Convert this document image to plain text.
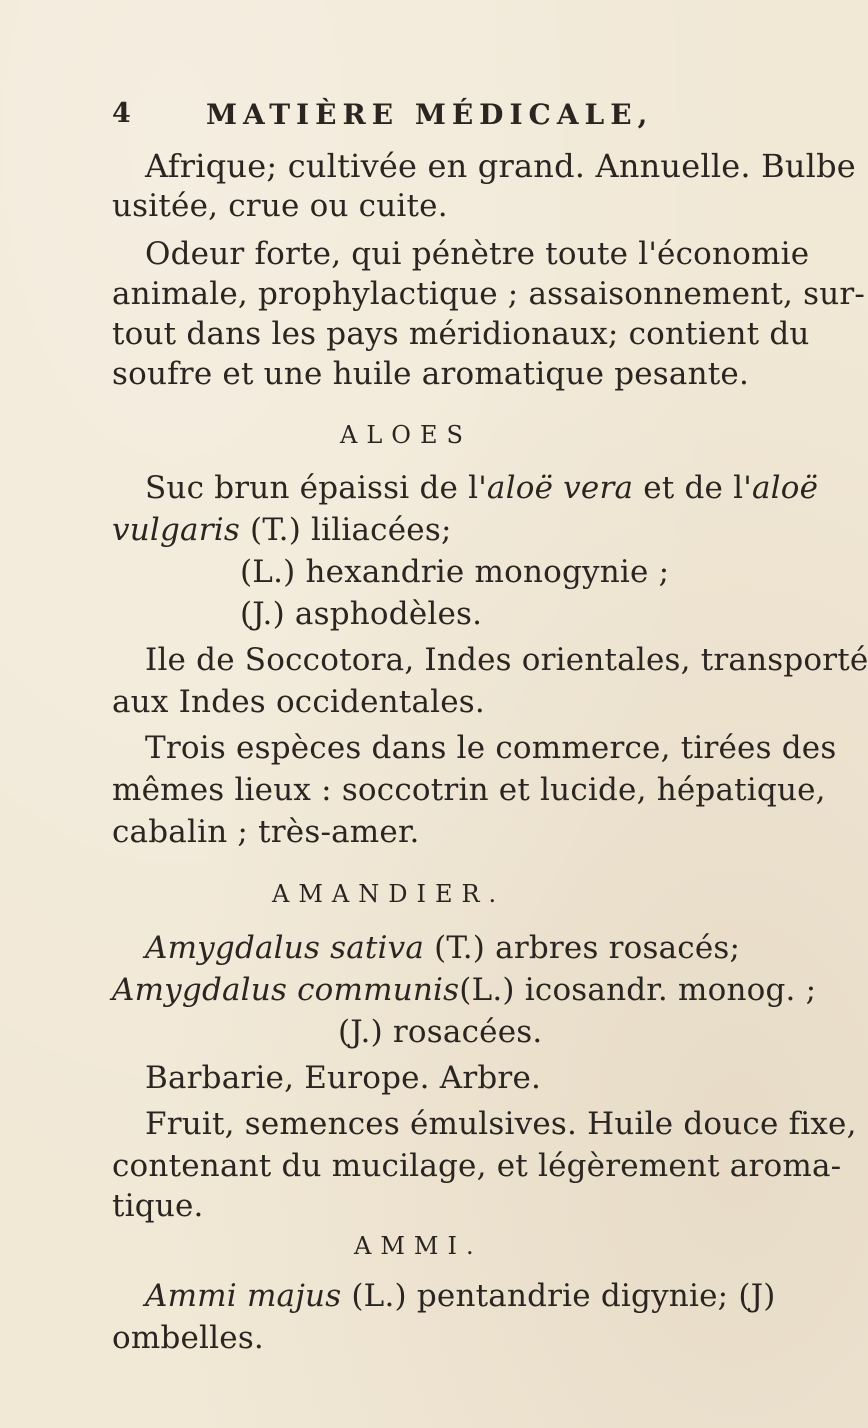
4	MATIÈRE MÉDICALE,
Afrique; cultivée en grand. Annuelle. Bulbe
usitée, crue ou cuite.
Odeur forte, qui pénètre toute l'économie
animale, prophylactique ; assaisonnement, sur-
tout dans les pays méridionaux; contient du
soufre et une huile aromatique pesante.
ALOES
Suc brun épaissi de l'aloë vera et de l'aloë
vulgaris (T.) liliacées;
(L.) hexandrie monogynie ;
(J.) asphodèles.
Ile de Soccotora, Indes orientales, transporté
aux Indes occidentales.
Trois espèces dans le commerce, tirées des
mêmes lieux : soccotrin et lucide, hépatique,
cabalin ; très-amer.
AMANDIER.
Amygdalus sativa (T.) arbres rosacés;
Amygdalus communis(L.) icosandr. monog. ;
(J.) rosacées.
Barbarie, Europe. Arbre.
Fruit, semences émulsives. Huile douce fixe,
contenant du mucilage, et légèrement aroma-
tique.
AMMI.
Ammi majus (L.) pentandrie digynie; (J)
ombelles.
